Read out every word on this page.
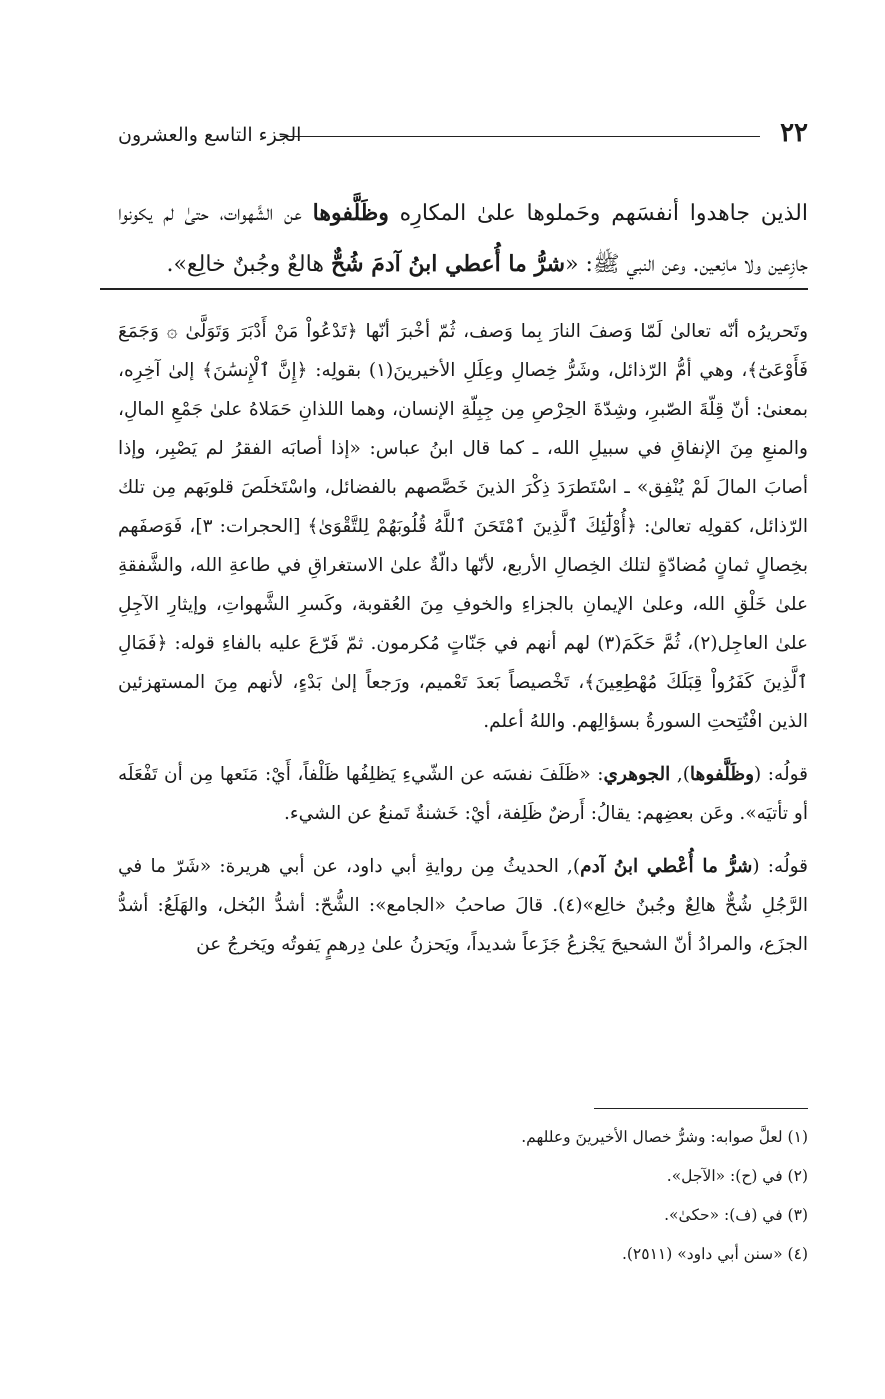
٢٢
الجزء التاسع والعشرون

الذين جاهدوا أنفسَهم وحَملوها علىٰ المكارِه وظَلَّفوها عن الشَّهوات، حتىٰ لم يكونوا جازِعين ولا مانِعين. وعن النبي ﷺ: «شرُّ ما أُعطي ابنُ آدمَ شُحٌّ هالعٌ وجُبنٌ خالِع».

وتَحريرُه أنّه تعالىٰ لَمّا وَصفَ النارَ بِما وَصف، ثُمّ أخْبرَ أنّها ﴿تَدْعُواْ مَنْ أَدْبَرَ وَتَوَلَّىٰ ۞ وَجَمَعَ فَأَوْعَىٰٓ﴾، وهي أمُّ الرّذائل، وشَرُّ خِصالِ وعِلَلِ الأخيرينَ(١) بقولِه: ﴿إِنَّ ٱلْإِنسَٰنَ﴾ إلىٰ آخِرِه، بمعنىٰ: أنّ قِلّةَ الصّبرِ، وشِدّةَ الحِرْصِ مِن جِبِلّةِ الإنسان، وهما اللذانِ حَمَلاهُ علىٰ جَمْعِ المالِ، والمنعِ مِنَ الإنفاقِ في سبيلِ الله، ـ كما قال ابنُ عباس: «إذا أصابَه الفقرُ لم يَصْبِر، وإذا أصابَ المالَ لَمْ يُنْفِق» ـ اسْتَطرَدَ ذِكْرَ الذينَ خَصَّصهم بالفضائل، واسْتَخلَصَ قلوبَهم مِن تلك الرّذائل، كقولِه تعالىٰ: ﴿أُوْلَٰٓئِكَ ٱلَّذِينَ ٱمْتَحَنَ ٱللَّهُ قُلُوبَهُمْ لِلتَّقْوَىٰ﴾ [الحجرات: ٣]، فَوَصفَهم بخِصالٍ ثمانٍ مُضادّةٍ لتلك الخِصالِ الأربع، لأنّها دالّةٌ علىٰ الاستغراقِ في طاعةِ الله، والشَّفقةِ علىٰ خَلْقِ الله، وعلىٰ الإيمانِ بالجزاءِ والخوفِ مِنَ العُقوبة، وكَسرِ الشَّهواتِ، وإيثارِ الآجِلِ علىٰ العاجِل(٢)، ثُمَّ حَكَمَ(٣) لهم أنهم في جَنّاتٍ مُكرمون. ثمّ فَرّعَ عليه بالفاءِ قوله: ﴿فَمَالِ ٱلَّذِينَ كَفَرُواْ قِبَلَكَ مُهْطِعِينَ﴾، تَخْصيصاً بَعدَ تَعْميم، ورَجعاً إلىٰ بَدْءٍ، لأنهم مِنَ المستهزئين الذين افْتُتِحتِ السورةُ بسؤالِهم. واللهُ أعلم.

قولُه: (وظَلَّفوها), الجوهري: «ظَلَفَ نفسَه عن الشّيءِ يَظلِفُها ظَلْفاً، أَيْ: مَنَعها مِن أن تَفْعَلَه أو تأتيَه». وعَن بعضِهم: يقالُ: أَرضٌ ظَلِفة، أيْ: خَشنةٌ تَمنعُ عن الشيء.

قولُه: (شرُّ ما أُعْطي ابنُ آدم), الحديثُ مِن روايةِ أبي داود، عن أبي هريرة: «شَرّ ما في الرَّجُلِ شُحٌّ هالِعٌ وجُبنٌ خالِع»(٤). قالَ صاحبُ «الجامع»: الشُّحّ: أشدُّ البُخل، والهَلَعُ: أشدُّ الجزَع، والمرادُ أنّ الشحيحَ يَجْزعُ جَزَعاً شديداً، ويَحزنُ علىٰ دِرهمٍ يَفوتُه ويَخرجُ عن

(١) لعلَّ صوابه: وشرُّ خصال الأخيرينَ وعللهم.

(٢) في (ح): «الآجل».

(٣) في (ف): «حكىٰ».

(٤) «سنن أبي داود» (٢٥١١).
